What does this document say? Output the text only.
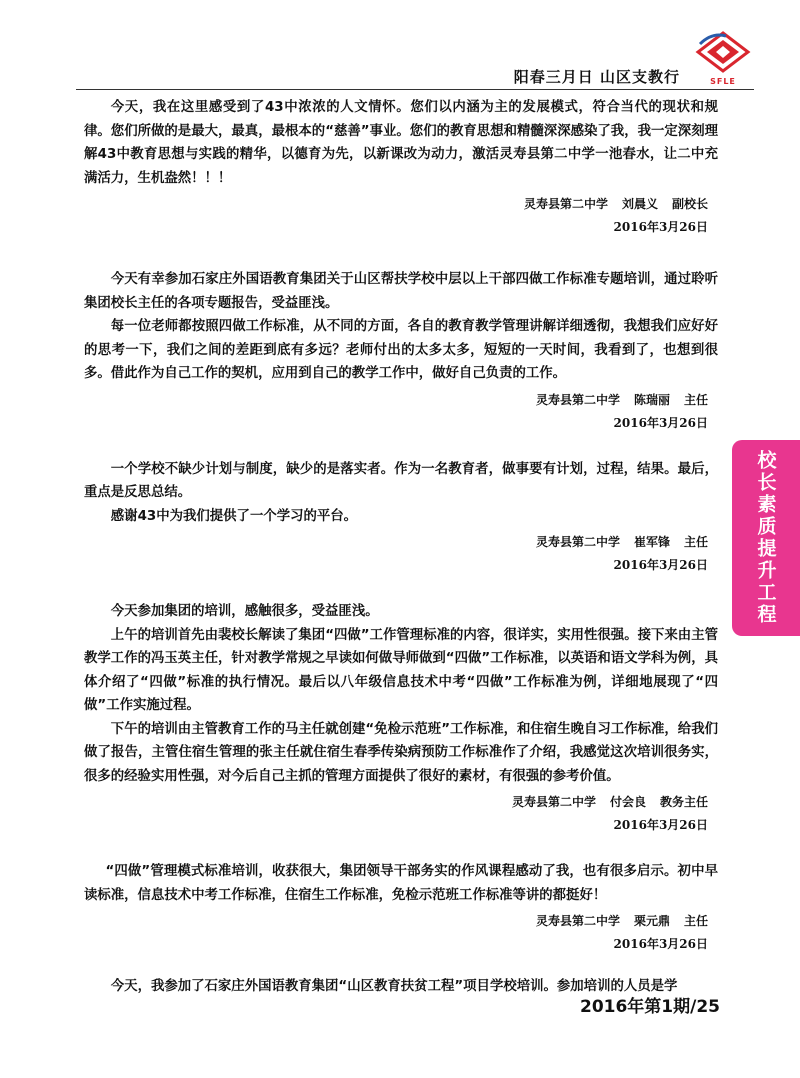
阳春三月日 山区支教行	SFLE

今天，我在这里感受到了43中浓浓的人文情怀。您们以内涵为主的发展模式，符合当代的现状和规律。您们所做的是最大，最真，最根本的“慈善”事业。您们的教育思想和精髓深深感染了我，我一定深刻理解43中教育思想与实践的精华，以德育为先，以新课改为动力，激活灵寿县第二中学一池春水，让二中充满活力，生机盎然！！！

灵寿县第二中学 刘晨义 副校长
2016年3月26日

今天有幸参加石家庄外国语教育集团关于山区帮扶学校中层以上干部四做工作标准专题培训，通过聆听集团校长主任的各项专题报告，受益匪浅。

每一位老师都按照四做工作标准，从不同的方面，各自的教育教学管理讲解详细透彻，我想我们应好好的思考一下，我们之间的差距到底有多远？老师付出的太多太多，短短的一天时间，我看到了，也想到很多。借此作为自己工作的契机，应用到自己的教学工作中，做好自己负责的工作。

灵寿县第二中学 陈瑞丽 主任
2016年3月26日

一个学校不缺少计划与制度，缺少的是落实者。作为一名教育者，做事要有计划，过程，结果。最后，重点是反思总结。

感谢43中为我们提供了一个学习的平台。

灵寿县第二中学 崔军锋 主任
2016年3月26日

今天参加集团的培训，感触很多，受益匪浅。

上午的培训首先由裴校长解读了集团“四做”工作管理标准的内容，很详实，实用性很强。接下来由主管教学工作的冯玉英主任，针对教学常规之早读如何做导师做到“四做”工作标准，以英语和语文学科为例，具体介绍了“四做”标准的执行情况。最后以八年级信息技术中考“四做”工作标准为例，详细地展现了“四做”工作实施过程。

下午的培训由主管教育工作的马主任就创建“免检示范班”工作标准，和住宿生晚自习工作标准，给我们做了报告，主管住宿生管理的张主任就住宿生春季传染病预防工作标准作了介绍，我感觉这次培训很务实，很多的经验实用性强，对今后自己主抓的管理方面提供了很好的素材，有很强的参考价值。

灵寿县第二中学 付会良 教务主任
2016年3月26日

“四做”管理模式标准培训，收获很大，集团领导干部务实的作风课程感动了我，也有很多启示。初中早读标准，信息技术中考工作标准，住宿生工作标准，免检示范班工作标准等讲的都挺好！

灵寿县第二中学 栗元鼎 主任
2016年3月26日

今天，我参加了石家庄外国语教育集团“山区教育扶贫工程”项目学校培训。参加培训的人员是学

校长素质提升工程
2016年第1期/25
